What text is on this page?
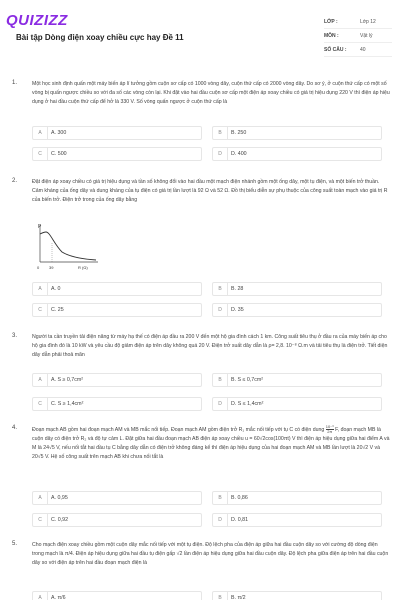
QUIZIZZ
Bài tập Dòng điện xoay chiều cực hay Đề 11
LỚP :	Lớp 12
MÔN :	Vật lý
SỐ CÂU :	40
1.	Một học sinh định quấn một máy biến áp lí tưởng gồm cuộn sơ cấp có 1000 vòng dây, cuộn thứ cấp có 2000 vòng dây. Do sơ ý, ở cuộn thứ cấp có một số vòng bị quấn ngược chiều so với đa số các vòng còn lại. Khi đặt vào hai đầu cuộn sơ cấp một điện áp xoay chiều có giá trị hiệu dụng 220 V thì điện áp hiệu dụng ở hai đầu cuộn thứ cấp để hở là 330 V. Số vòng quấn ngược ở cuộn thứ cấp là
A	A. 300	B	B. 250
C	C. 500	D	D. 400
2.	Đặt điện áp xoay chiều có giá trị hiệu dụng và tần số không đổi vào hai đầu một mạch điện nhánh gồm một ống dây, một tụ điện, và một biến trở thuần. Cảm kháng của ống dây và dung kháng của tụ điện có giá trị lần lượt là 92 Ω và 52 Ω. Đồ thị biểu diễn sự phụ thuộc của công suất toàn mạch vào giá trị R của biến trở. Điện trở trong của ống dây bằng
P
0 39	R (Ω)
A	A. 0	B	B. 28
C	C. 25	D	D. 35
3.	Người ta cần truyền tải điện năng từ máy hạ thế có điện áp đầu ra 200 V đến một hộ gia đình cách 1 km. Công suất tiêu thụ ở đầu ra của máy biến áp cho hộ gia đình đó là 10 kW và yêu cầu độ giảm điện áp trên dây không quá 20 V. Điện trở suất dây dẫn là ρ= 2,8. 10⁻⁸ Ω.m và tải tiêu thụ là điện trở. Tiết diện dây dẫn phải thoả mãn
A	A. S ≥ 0,7cm²	B	B. S ≤ 0,7cm²
C	C. S ≥ 1,4cm²	D	D. S ≤ 1,4cm²
4.	Đoạn mạch AB gồm hai đoạn mạch AM và MB mắc nối tiếp. Đoạn mạch AM gồm điện trở R₁ mắc nối tiếp với tụ C có điện dung $\frac{\text{10⁻³}}{2\pi} F$, đoạn mạch MB là cuộn dây có điện trở R₂ và độ tự cảm L. Đặt giữa hai đầu đoạn mạch AB điện áp xoay chiều u = 60√2cos(100πt) V thì điện áp hiệu dụng giữa hai điểm A và M là 24√5 V, nếu nối tắt hai đầu tụ C bằng dây dẫn có điện trở không đáng kể thì điện áp hiệu dụng của hai đoạn mạch AM và MB lần lượt là 20√2 V và 20√5 V. Hệ số công suất trên mạch AB khi chưa nối tắt là
A	A. 0,95	B	B. 0,86
C	C. 0,92	D	D. 0,81
5.	Cho mạch điện xoay chiều gồm một cuộn dây mắc nối tiếp với một tụ điện. Độ lệch pha của điện áp giữa hai đầu cuộn dây so với cường độ dòng điện trong mạch là π/4. Điện áp hiệu dụng giữa hai đầu tụ điện gấp √2 lần điện áp hiệu dụng giữa hai đầu cuộn dây. Độ lệch pha giữa điện áp trên hai đầu cuộn dây so với điện áp trên hai đầu đoạn mạch điện là
A	A. π/6	B	B. π/2
